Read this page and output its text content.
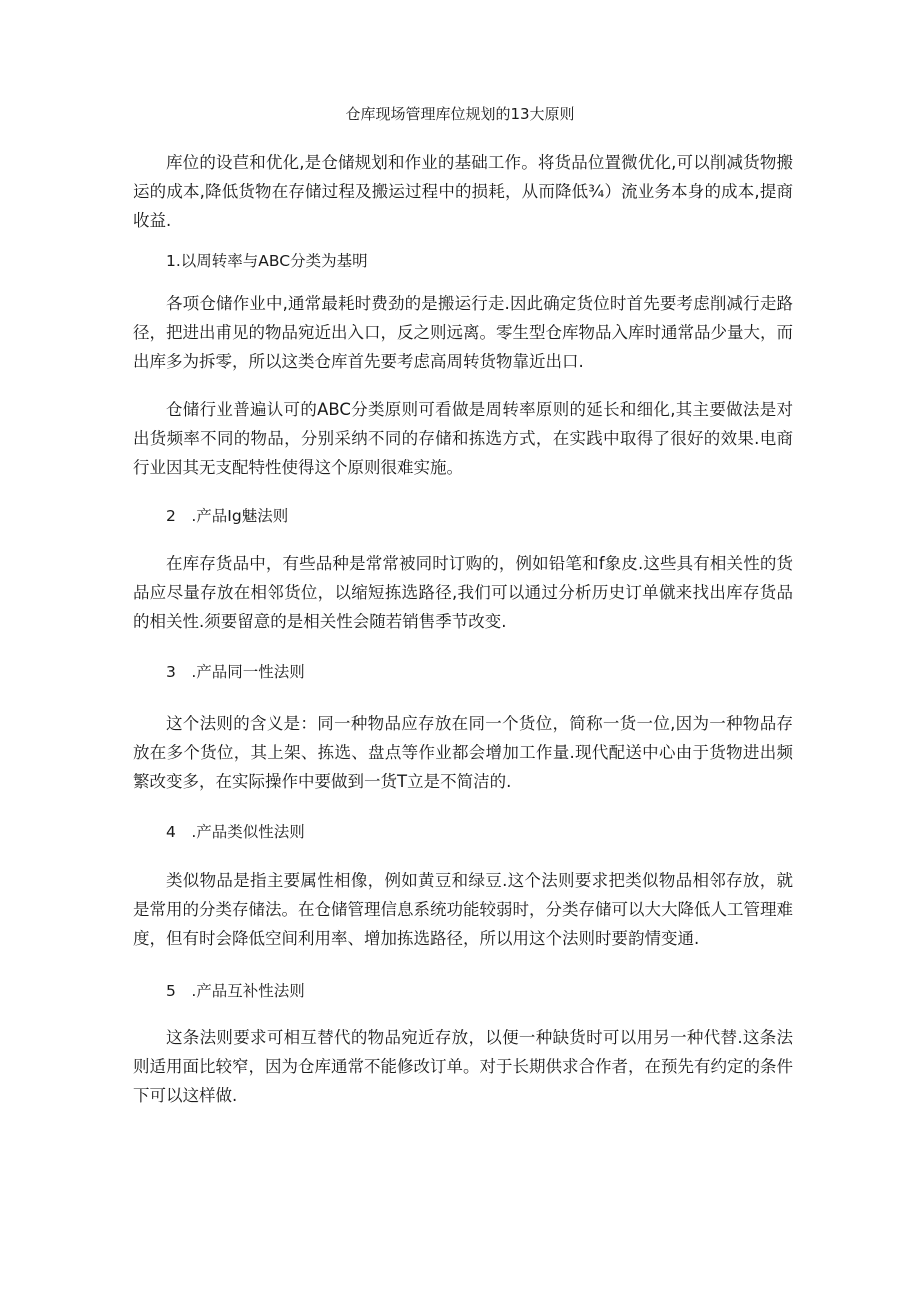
仓库现场管理库位规划的13大原则

库位的设苣和优化,是仓储规划和作业的基础工作。将货品位置微优化,可以削减货物搬运的成本,降低货物在存储过程及搬运过程中的损耗，从而降低¾）流业务本身的成本,提商收益.

1.以周转率与ABC分类为基明

各项仓储作业中,通常最耗时费劲的是搬运行走.因此确定货位时首先要考虑削减行走路径，把进出甫见的物品宛近出入口，反之则远离。零生型仓库物品入库时通常品少量大，而出库多为拆零，所以这类仓库首先要考虑高周转货物靠近出口.

仓储行业普遍认可的ABC分类原则可看做是周转率原则的延长和细化,其主要做法是对出货频率不同的物品，分别采纳不同的存储和拣选方式，在实践中取得了很好的效果.电商行业因其无支配特性使得这个原则很难实施。

2　.产品Ig魅法则

在库存货品中，有些品种是常常被同时订购的，例如铅笔和f象皮.这些具有相关性的货品应尽量存放在相邻货位，以缩短拣选路径,我们可以通过分析历史订单僦来找出库存货品的相关性.须要留意的是相关性会随若销售季节改变.

3　.产品同一性法则

这个法则的含义是：同一种物品应存放在同一个货位，简称一货一位,因为一种物品存放在多个货位，其上架、拣选、盘点等作业都会增加工作量.现代配送中心由于货物进出频繁改变多，在实际操作中要做到一货T立是不简洁的.

4　.产品类似性法则

类似物品是指主要属性相像，例如黄豆和绿豆.这个法则要求把类似物品相邻存放，就是常用的分类存储法。在仓储管理信息系统功能较弱时，分类存储可以大大降低人工管理难度，但有时会降低空间利用率、增加拣选路径，所以用这个法则时要韵情变通.

5　.产品互补性法则

这条法则要求可相互替代的物品宛近存放，以便一种缺货时可以用另一种代替.这条法则适用面比较窄，因为仓库通常不能修改订单。对于长期供求合作者，在预先有约定的条件下可以这样做.
